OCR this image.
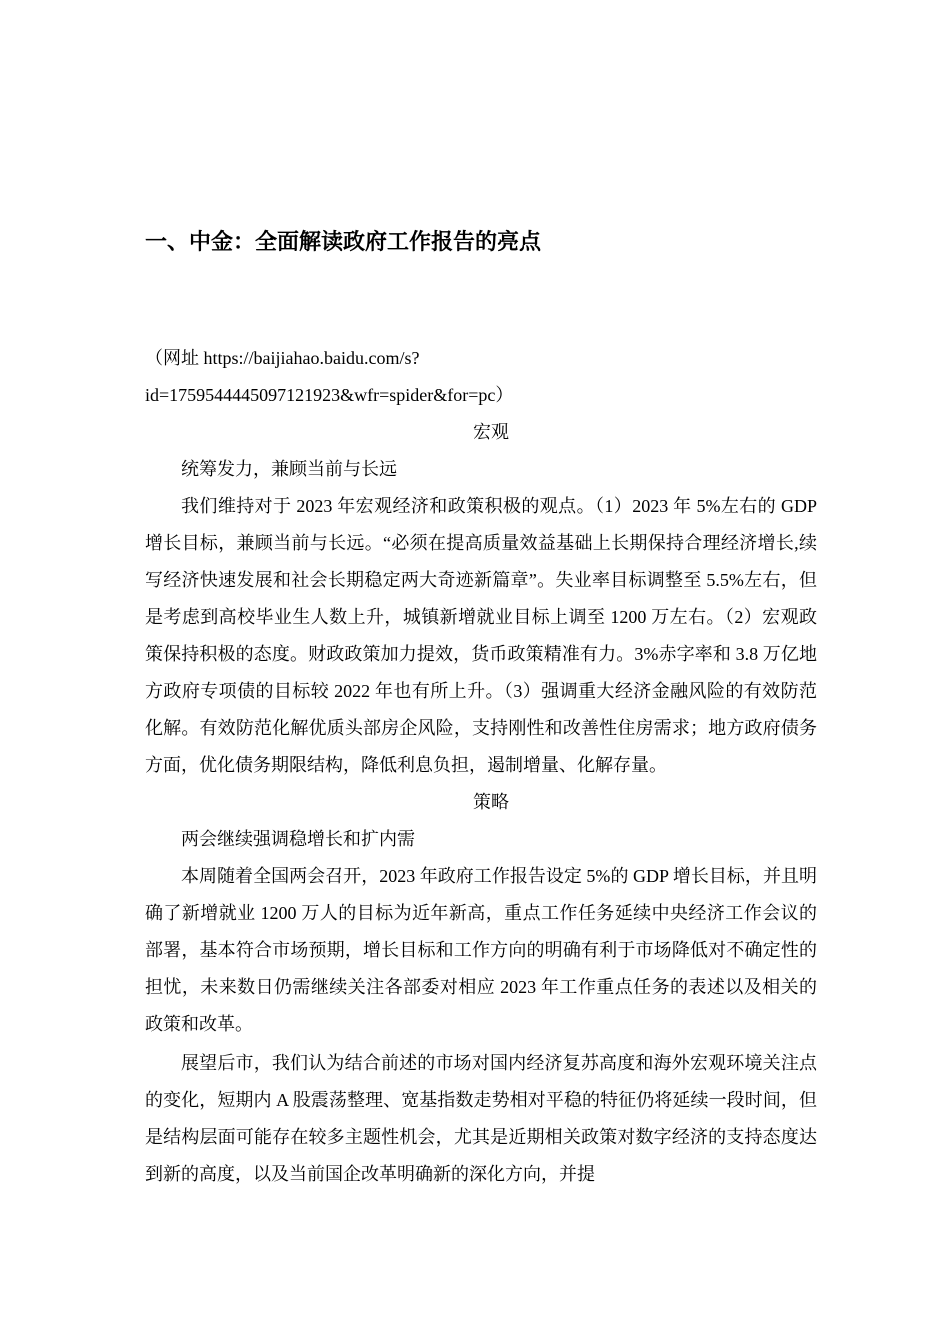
一、中金：全面解读政府工作报告的亮点

（网址 https://baijiahao.baidu.com/s?

id=1759544445097121923&wfr=spider&for=pc）

宏观

统筹发力，兼顾当前与长远

我们维持对于 2023 年宏观经济和政策积极的观点。（1）2023 年 5%左右的 GDP 增长目标，兼顾当前与长远。“必须在提高质量效益基础上长期保持合理经济增长,续写经济快速发展和社会长期稳定两大奇迹新篇章”。失业率目标调整至 5.5%左右，但是考虑到高校毕业生人数上升，城镇新增就业目标上调至 1200 万左右。（2）宏观政策保持积极的态度。财政政策加力提效，货币政策精准有力。3%赤字率和 3.8 万亿地方政府专项债的目标较 2022 年也有所上升。（3）强调重大经济金融风险的有效防范化解。有效防范化解优质头部房企风险，支持刚性和改善性住房需求；地方政府债务方面，优化债务期限结构，降低利息负担，遏制增量、化解存量。

策略

两会继续强调稳增长和扩内需

本周随着全国两会召开，2023 年政府工作报告设定 5%的 GDP 增长目标，并且明确了新增就业 1200 万人的目标为近年新高，重点工作任务延续中央经济工作会议的部署，基本符合市场预期，增长目标和工作方向的明确有利于市场降低对不确定性的担忧，未来数日仍需继续关注各部委对相应 2023 年工作重点任务的表述以及相关的政策和改革。

展望后市，我们认为结合前述的市场对国内经济复苏高度和海外宏观环境关注点的变化，短期内 A 股震荡整理、宽基指数走势相对平稳的特征仍将延续一段时间，但是结构层面可能存在较多主题性机会，尤其是近期相关政策对数字经济的支持态度达到新的高度，以及当前国企改革明确新的深化方向，并提
